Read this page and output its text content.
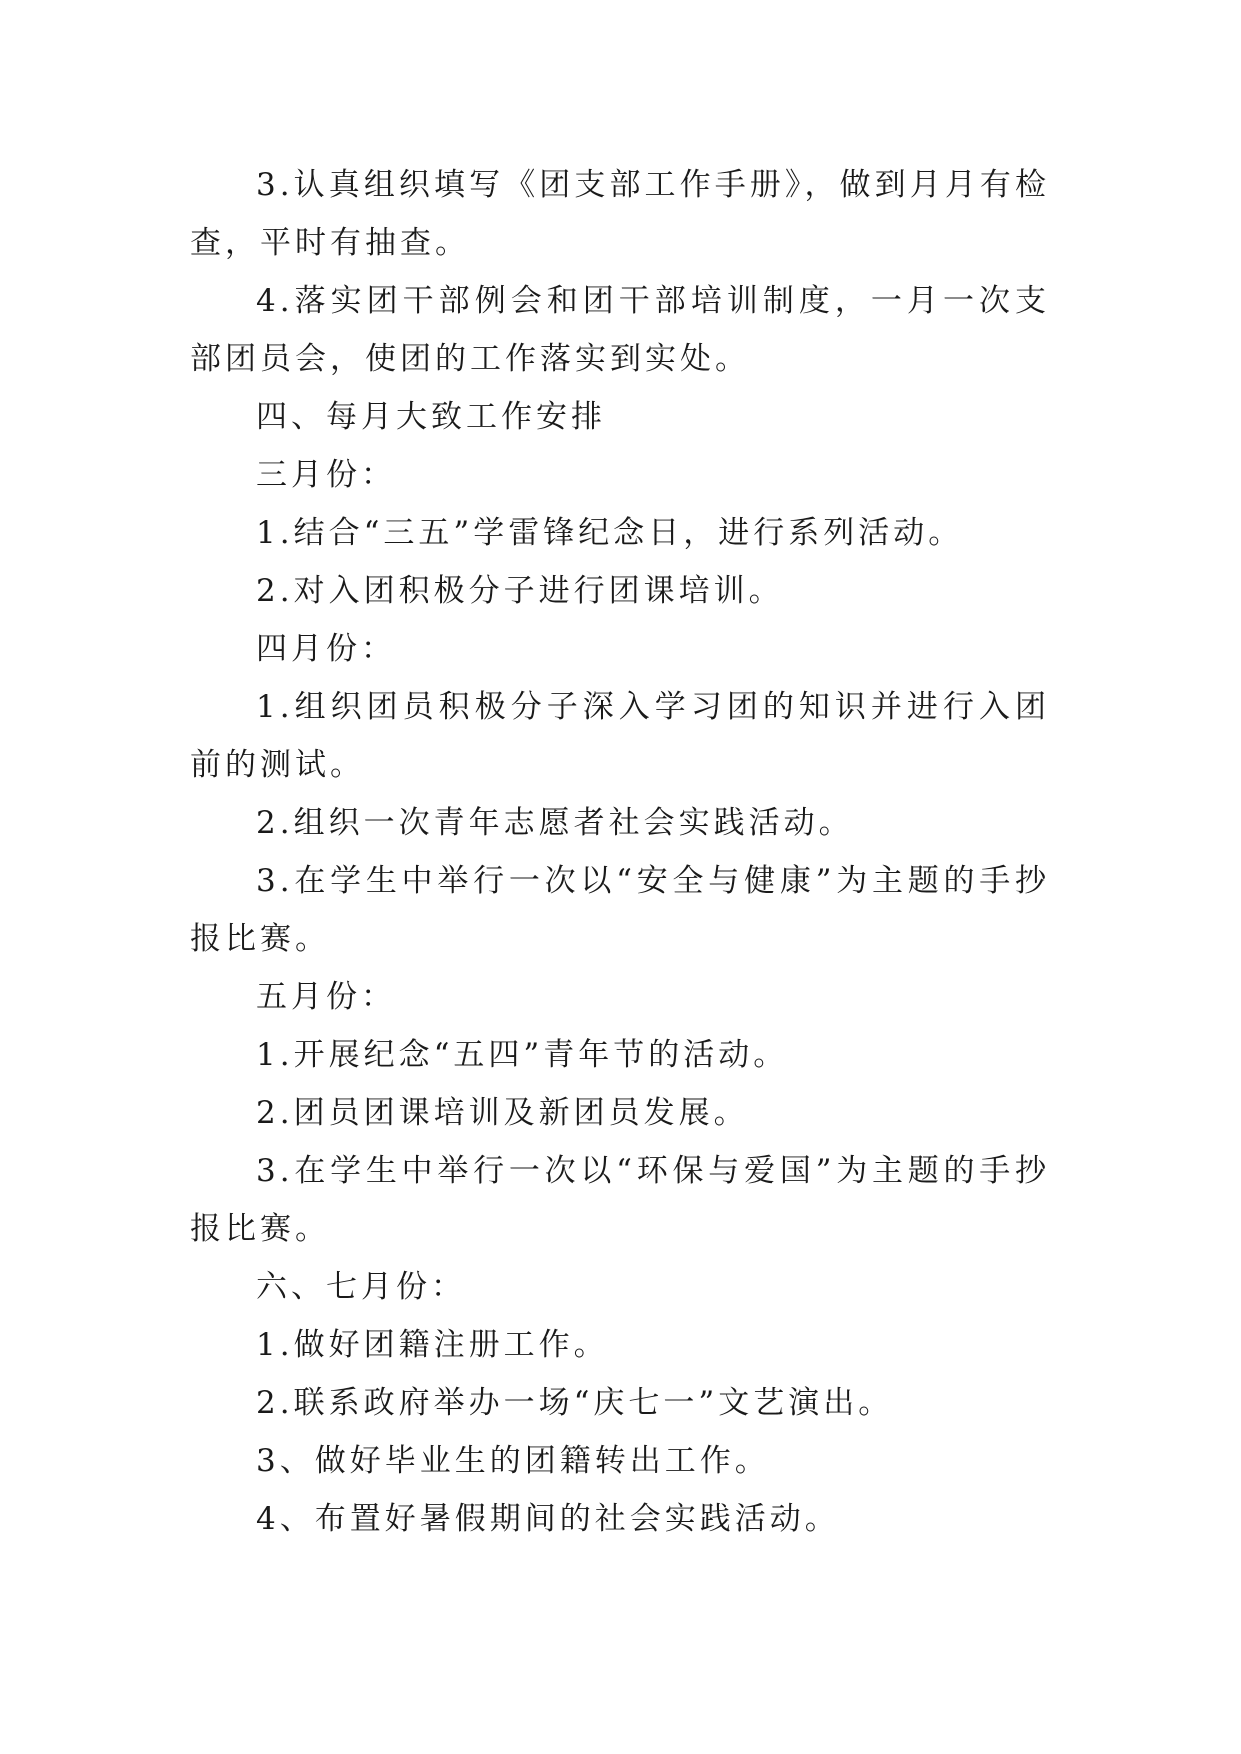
3.认真组织填写《团支部工作手册》，做到月月有检查，平时有抽查。

4.落实团干部例会和团干部培训制度，一月一次支部团员会，使团的工作落实到实处。

四、每月大致工作安排

三月份：

1.结合“三五”学雷锋纪念日，进行系列活动。

2.对入团积极分子进行团课培训。

四月份：

1.组织团员积极分子深入学习团的知识并进行入团前的测试。

2.组织一次青年志愿者社会实践活动。

3.在学生中举行一次以“安全与健康”为主题的手抄报比赛。

五月份：

1.开展纪念“五四”青年节的活动。

2.团员团课培训及新团员发展。

3.在学生中举行一次以“环保与爱国”为主题的手抄报比赛。

六、七月份：

1.做好团籍注册工作。

2.联系政府举办一场“庆七一”文艺演出。

3、做好毕业生的团籍转出工作。

4、布置好暑假期间的社会实践活动。
